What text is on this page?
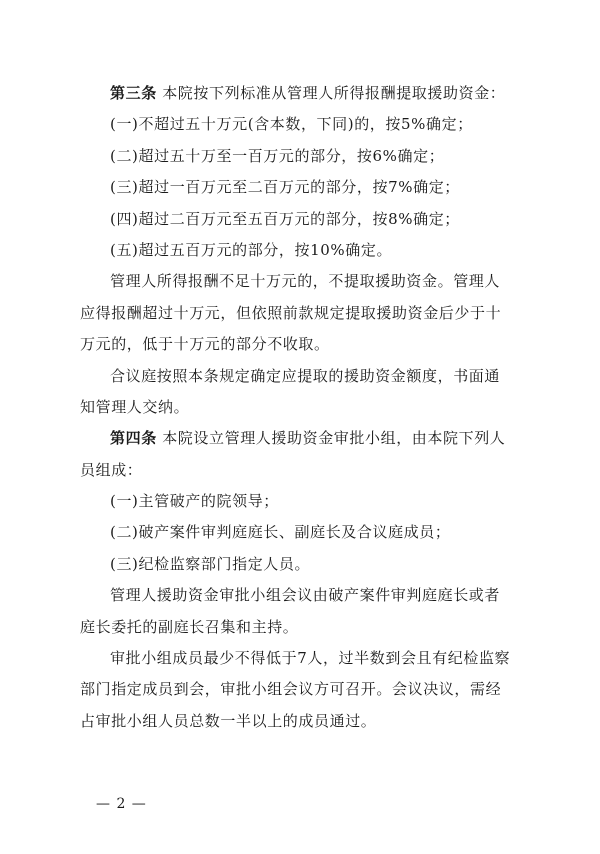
第三条 本院按下列标准从管理人所得报酬提取援助资金：
(一)不超过五十万元(含本数，下同)的，按5%确定；
(二)超过五十万至一百万元的部分，按6%确定；
(三)超过一百万元至二百万元的部分，按7%确定；
(四)超过二百万元至五百万元的部分，按8%确定；
(五)超过五百万元的部分，按10%确定。
管理人所得报酬不足十万元的，不提取援助资金。管理人
应得报酬超过十万元，但依照前款规定提取援助资金后少于十
万元的，低于十万元的部分不收取。
合议庭按照本条规定确定应提取的援助资金额度，书面通
知管理人交纳。
第四条 本院设立管理人援助资金审批小组，由本院下列人
员组成：
(一)主管破产的院领导；
(二)破产案件审判庭庭长、副庭长及合议庭成员；
(三)纪检监察部门指定人员。
管理人援助资金审批小组会议由破产案件审判庭庭长或者
庭长委托的副庭长召集和主持。
审批小组成员最少不得低于7人，过半数到会且有纪检监察
部门指定成员到会，审批小组会议方可召开。会议决议，需经
占审批小组人员总数一半以上的成员通过。
— 2 —
